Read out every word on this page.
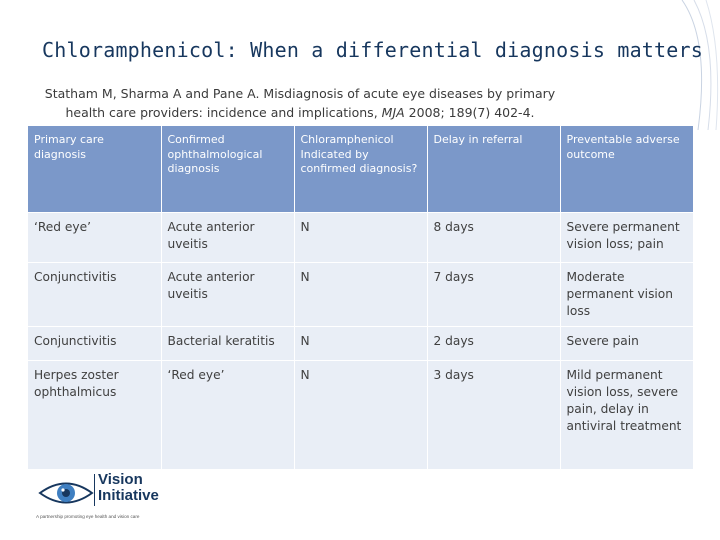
Chloramphenicol: When a differential diagnosis matters
Statham M, Sharma A and Pane A. Misdiagnosis of acute eye diseases by primary
health care providers: incidence and implications, MJA 2008; 189(7) 402-4.
Primary care diagnosis	Confirmed ophthalmological diagnosis	Chloramphenicol Indicated by confirmed diagnosis?	Delay in referral	Preventable adverse outcome
‘Red eye’	Acute anterior uveitis	N	8 days	Severe permanent vision loss; pain
Conjunctivitis	Acute anterior uveitis	N	7 days	Moderate permanent vision loss
Conjunctivitis	Bacterial keratitis	N	2 days	Severe pain
Herpes zoster ophthalmicus	‘Red eye’	N	3 days	Mild permanent vision loss, severe pain, delay in antiviral treatment
Vision
Initiative
A partnership promoting eye health and vision care
